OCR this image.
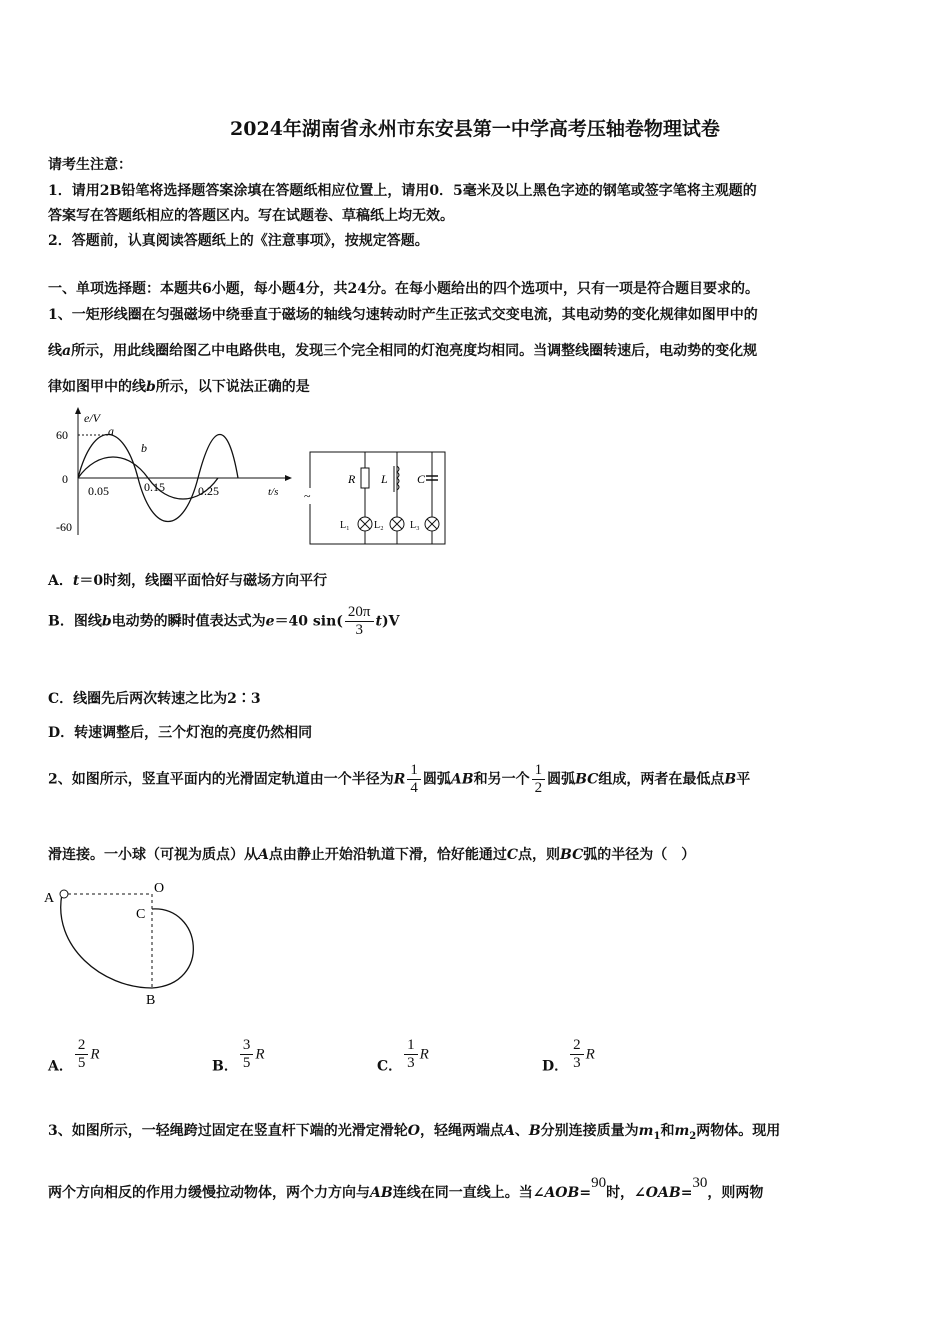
2024年湖南省永州市东安县第一中学高考压轴卷物理试卷
请考生注意：
1．请用2B铅笔将选择题答案涂填在答题纸相应位置上，请用0．5毫米及以上黑色字迹的钢笔或签字笔将主观题的
答案写在答题纸相应的答题区内。写在试题卷、草稿纸上均无效。
2．答题前，认真阅读答题纸上的《注意事项》，按规定答题。
一、单项选择题：本题共6小题，每小题4分，共24分。在每小题给出的四个选项中，只有一项是符合题目要求的。
1、一矩形线圈在匀强磁场中绕垂直于磁场的轴线匀速转动时产生正弦式交变电流，其电动势的变化规律如图甲中的
线a所示，用此线圈给图乙中电路供电，发现三个完全相同的灯泡亮度均相同。当调整线圈转速后，电动势的变化规
律如图甲中的线b所示，以下说法正确的是
e/V
t/s
60
0
-60
0.05	0.15	0.25
a
b
~
R L C
L₁ L₂	L₃
A．t＝0时刻，线圈平面恰好与磁场方向平行
B．图线b电动势的瞬时值表达式为e＝40 $\sin( \frac{20\pi}{3} t)V$
C．线圈先后两次转速之比为2∶3
D．转速调整后，三个灯泡的亮度仍然相同
2、如图所示，竖直平面内的光滑固定轨道由一个半径为R $\frac{1}{4}$ 圆弧AB和另一个 $\frac{1}{2}$ 圆弧BC组成，两者在最低点B平
滑连接。一小球（可视为质点）从A点由静止开始沿轨道下滑，恰好能通过C点，则BC弧的半径为（　）
A
O
C
B
A． $\frac{2}{5}$ R
B． $\frac{3}{5}$ R
C． $\frac{1}{3}$ R
D． $\frac{2}{3}$ R
3、如图所示，一轻绳跨过固定在竖直杆下端的光滑定滑轮O，轻绳两端点A、B分别连接质量为$m_1$和$m_2$两物体。现用
两个方向相反的作用力缓慢拉动物体，两个力方向与AB连线在同一直线上。当∠AOB=90时，∠OAB=30，则两物
